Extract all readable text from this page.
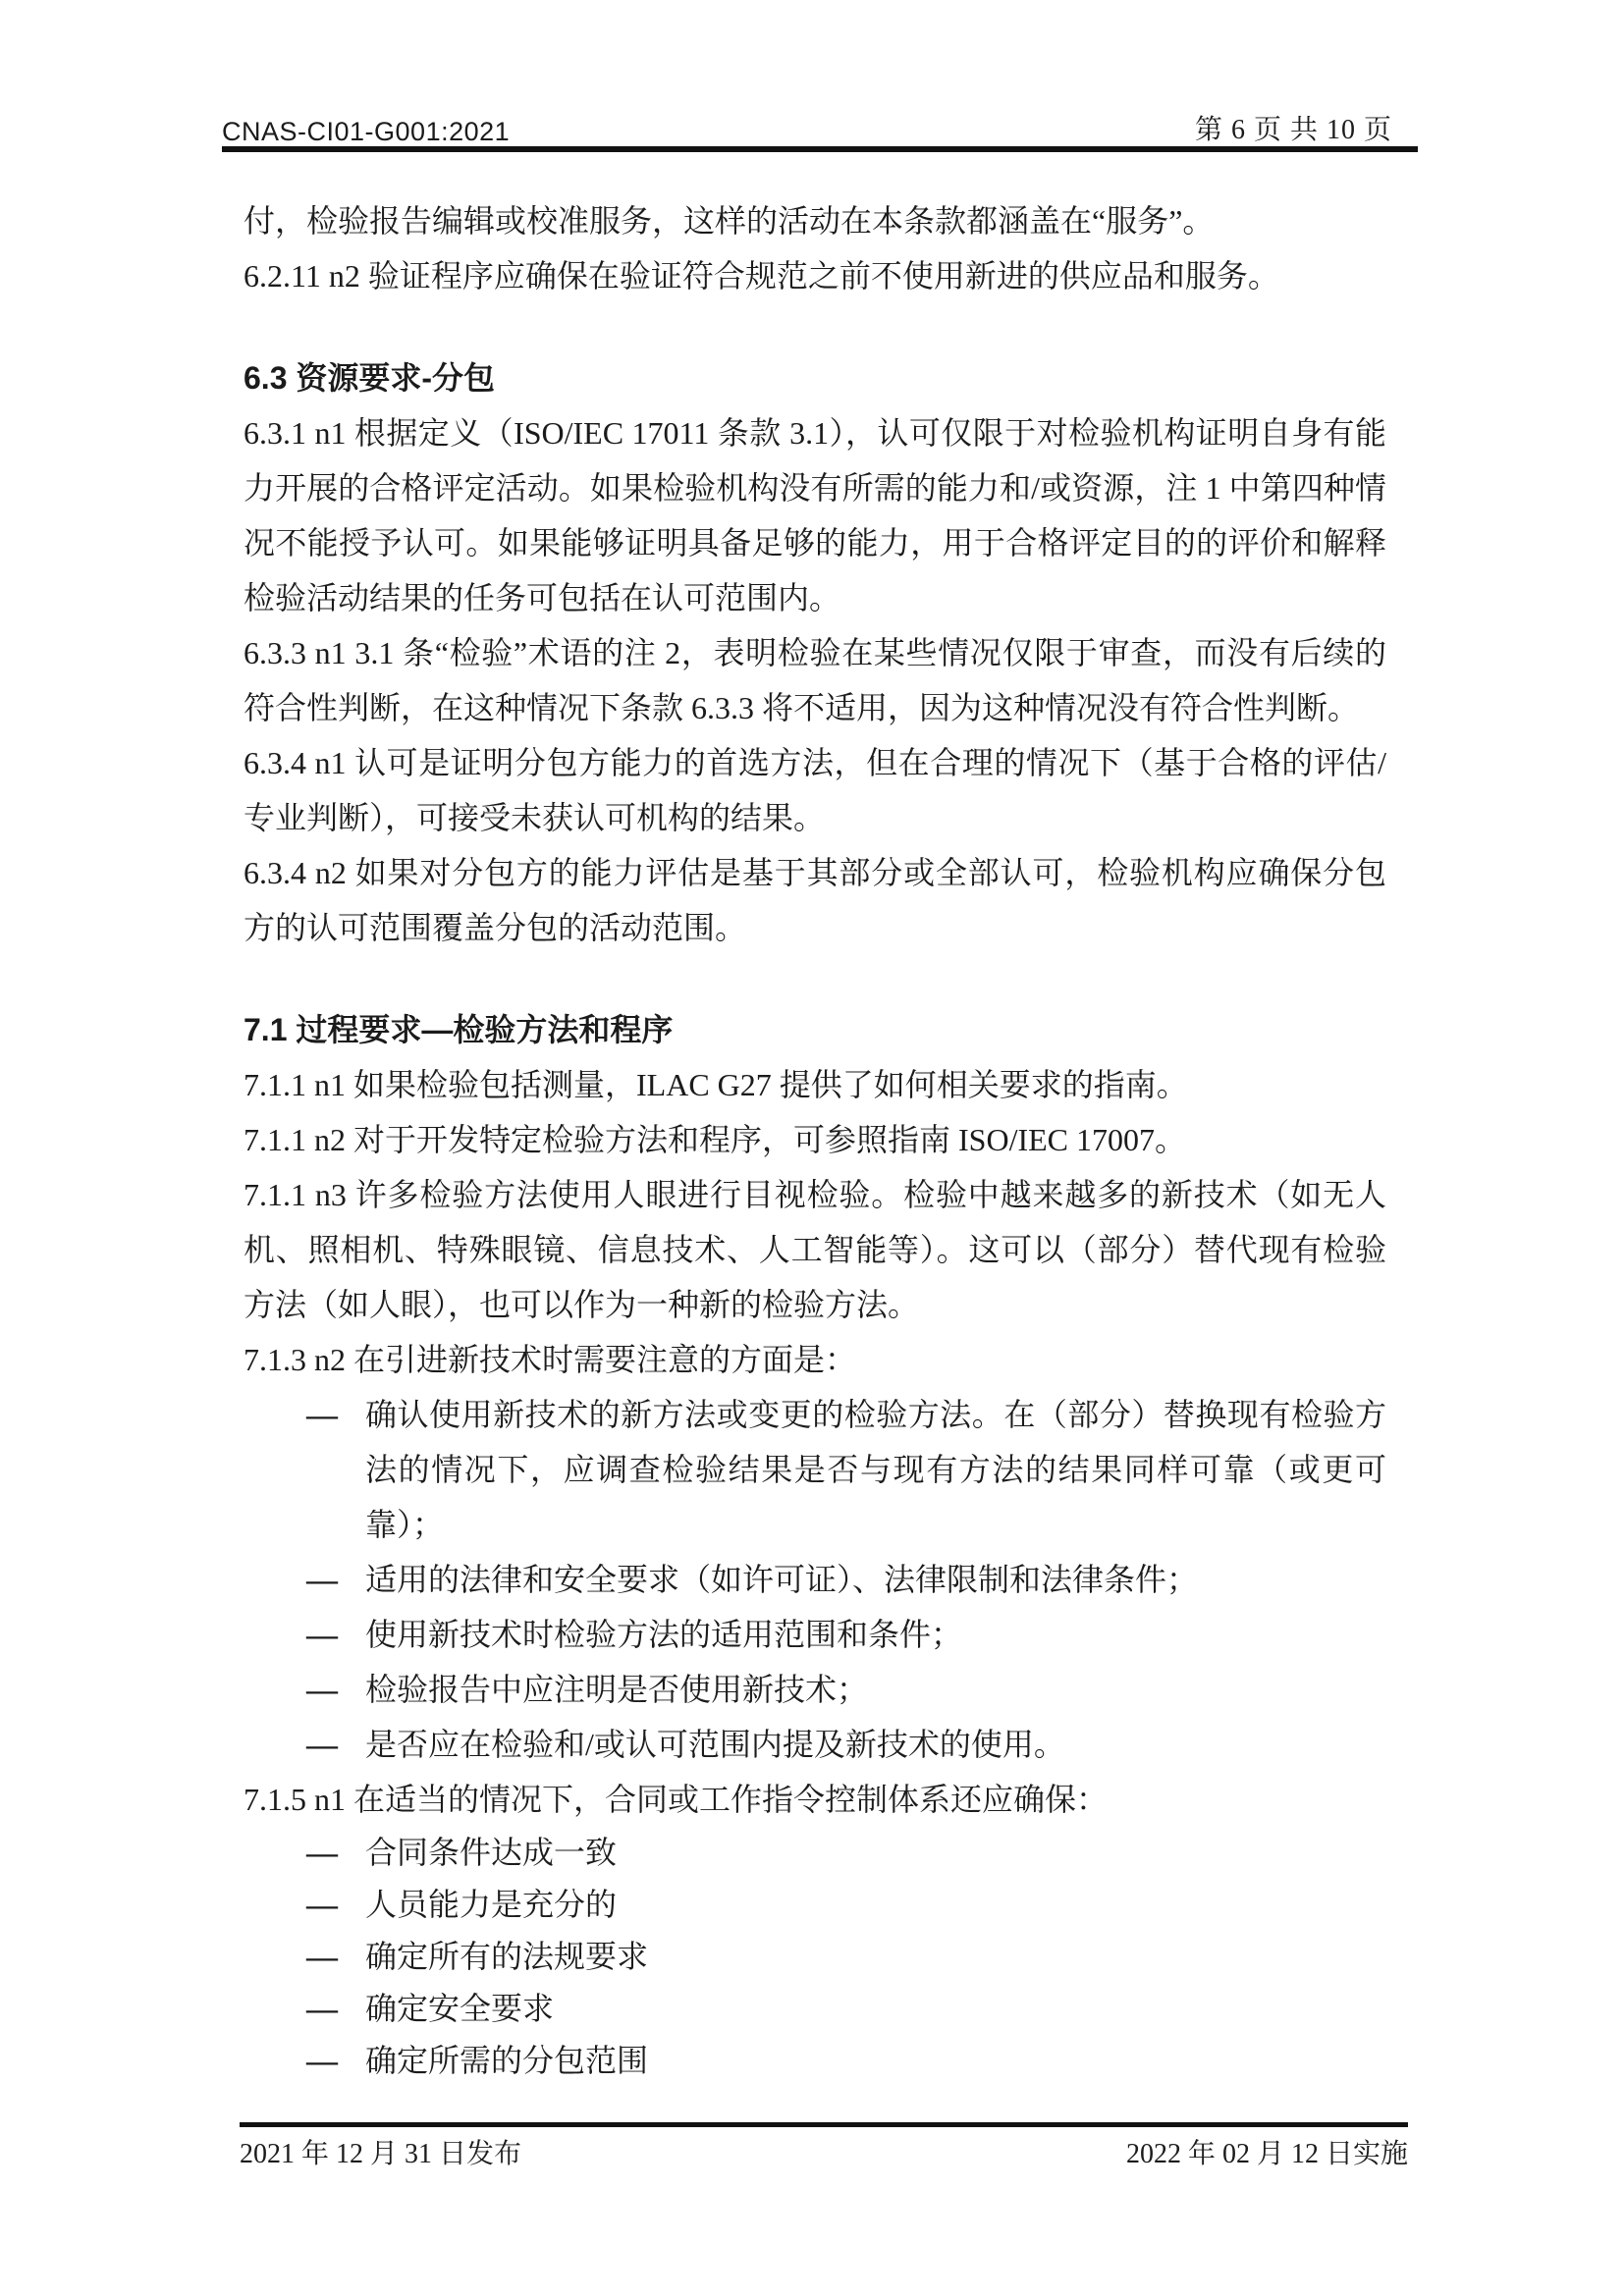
CNAS-CI01-G001:2021	第 6 页 共 10 页

付，检验报告编辑或校准服务，这样的活动在本条款都涵盖在“服务”。

6.2.11 n2 验证程序应确保在验证符合规范之前不使用新进的供应品和服务。

6.3 资源要求-分包

6.3.1 n1 根据定义（ISO/IEC 17011 条款 3.1），认可仅限于对检验机构证明自身有能力开展的合格评定活动。如果检验机构没有所需的能力和/或资源，注 1 中第四种情况不能授予认可。如果能够证明具备足够的能力，用于合格评定目的的评价和解释检验活动结果的任务可包括在认可范围内。

6.3.3 n1 3.1 条“检验”术语的注 2，表明检验在某些情况仅限于审查，而没有后续的符合性判断，在这种情况下条款 6.3.3 将不适用，因为这种情况没有符合性判断。

6.3.4 n1 认可是证明分包方能力的首选方法，但在合理的情况下（基于合格的评估/专业判断），可接受未获认可机构的结果。

6.3.4 n2 如果对分包方的能力评估是基于其部分或全部认可，检验机构应确保分包方的认可范围覆盖分包的活动范围。

7.1 过程要求—检验方法和程序

7.1.1 n1 如果检验包括测量，ILAC G27 提供了如何相关要求的指南。

7.1.1 n2 对于开发特定检验方法和程序，可参照指南 ISO/IEC 17007。

7.1.1 n3 许多检验方法使用人眼进行目视检验。检验中越来越多的新技术（如无人机、照相机、特殊眼镜、信息技术、人工智能等）。这可以（部分）替代现有检验方法（如人眼），也可以作为一种新的检验方法。

7.1.3 n2 在引进新技术时需要注意的方面是：

— 确认使用新技术的新方法或变更的检验方法。在（部分）替换现有检验方法的情况下，应调查检验结果是否与现有方法的结果同样可靠（或更可靠）；
— 适用的法律和安全要求（如许可证）、法律限制和法律条件；
— 使用新技术时检验方法的适用范围和条件；
— 检验报告中应注明是否使用新技术；
— 是否应在检验和/或认可范围内提及新技术的使用。

7.1.5 n1 在适当的情况下，合同或工作指令控制体系还应确保：

— 合同条件达成一致
— 人员能力是充分的
— 确定所有的法规要求
— 确定安全要求
— 确定所需的分包范围
2021 年 12 月 31 日发布	2022 年 02 月 12 日实施
